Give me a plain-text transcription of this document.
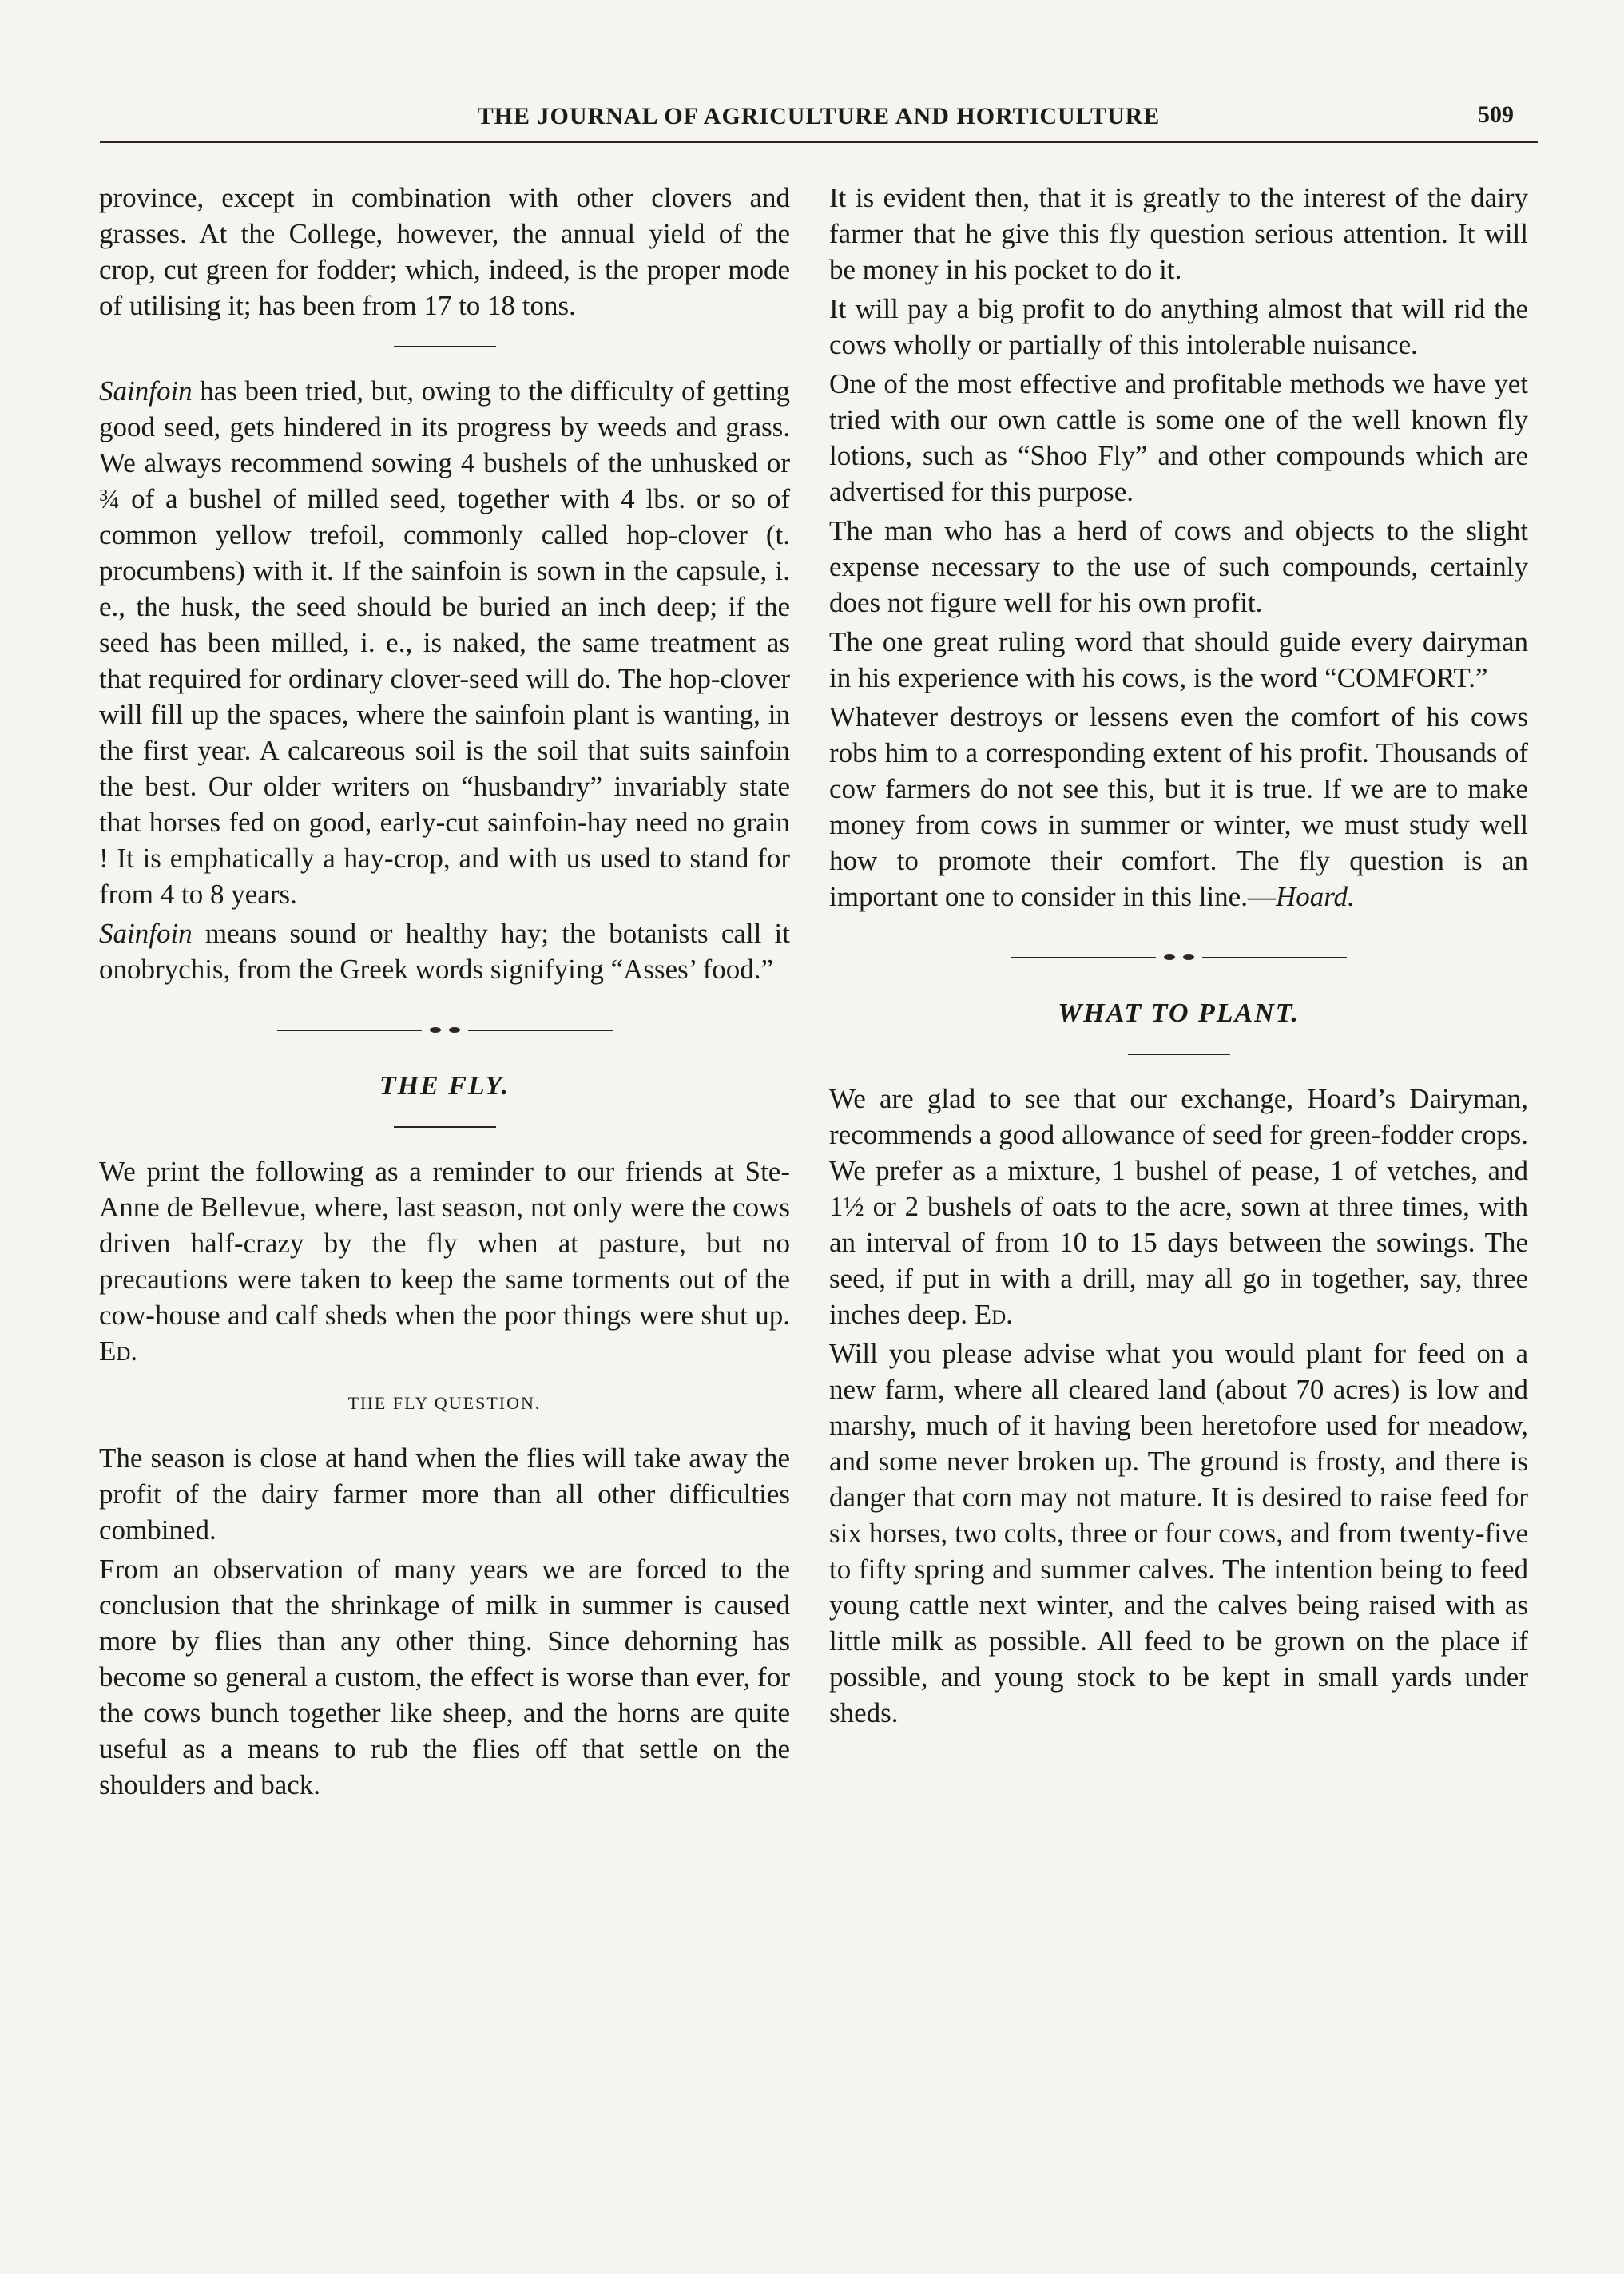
THE JOURNAL OF AGRICULTURE AND HORTICULTURE	509

province, except in combination with other clovers and grasses. At the College, however, the annual yield of the crop, cut green for fodder; which, indeed, is the proper mode of utilising it; has been from 17 to 18 tons.

Sainfoin has been tried, but, owing to the difficulty of getting good seed, gets hindered in its progress by weeds and grass. We always recommend sowing 4 bushels of the unhusked or ¾ of a bushel of milled seed, together with 4 lbs. or so of common yellow trefoil, commonly called hop-clover (t. procumbens) with it. If the sainfoin is sown in the capsule, i. e., the husk, the seed should be buried an inch deep; if the seed has been milled, i. e., is naked, the same treatment as that required for ordinary clover-seed will do. The hop-clover will fill up the spaces, where the sainfoin plant is wanting, in the first year. A calcareous soil is the soil that suits sainfoin the best. Our older writers on “husbandry” invariably state that horses fed on good, early-cut sainfoin-hay need no grain ! It is emphatically a hay-crop, and with us used to stand for from 4 to 8 years.

Sainfoin means sound or healthy hay; the botanists call it onobrychis, from the Greek words signifying “Asses’ food.”

THE FLY.

We print the following as a reminder to our friends at Ste-Anne de Bellevue, where, last season, not only were the cows driven half-crazy by the fly when at pasture, but no precautions were taken to keep the same torments out of the cow-house and calf sheds when the poor things were shut up. Ed.

THE FLY QUESTION.

The season is close at hand when the flies will take away the profit of the dairy farmer more than all other difficulties combined.

From an observation of many years we are forced to the conclusion that the shrinkage of milk in summer is caused more by flies than any other thing. Since dehorning has become so general a custom, the effect is worse than ever, for the cows bunch together like sheep, and the horns are quite useful as a means to rub the flies off that settle on the shoulders and back.

It is evident then, that it is greatly to the interest of the dairy farmer that he give this fly question serious attention. It will be money in his pocket to do it.

It will pay a big profit to do anything almost that will rid the cows wholly or partially of this intolerable nuisance.

One of the most effective and profitable methods we have yet tried with our own cattle is some one of the well known fly lotions, such as “Shoo Fly” and other compounds which are advertised for this purpose.

The man who has a herd of cows and objects to the slight expense necessary to the use of such compounds, certainly does not figure well for his own profit.

The one great ruling word that should guide every dairyman in his experience with his cows, is the word “COMFORT.”

Whatever destroys or lessens even the comfort of his cows robs him to a corresponding extent of his profit. Thousands of cow farmers do not see this, but it is true. If we are to make money from cows in summer or winter, we must study well how to promote their comfort. The fly question is an important one to consider in this line.—Hoard.

WHAT TO PLANT.

We are glad to see that our exchange, Hoard’s Dairyman, recommends a good allowance of seed for green-fodder crops. We prefer as a mixture, 1 bushel of pease, 1 of vetches, and 1½ or 2 bushels of oats to the acre, sown at three times, with an interval of from 10 to 15 days between the sowings. The seed, if put in with a drill, may all go in together, say, three inches deep. Ed.

Will you please advise what you would plant for feed on a new farm, where all cleared land (about 70 acres) is low and marshy, much of it having been heretofore used for meadow, and some never broken up. The ground is frosty, and there is danger that corn may not mature. It is desired to raise feed for six horses, two colts, three or four cows, and from twenty-five to fifty spring and summer calves. The intention being to feed young cattle next winter, and the calves being raised with as little milk as possible. All feed to be grown on the place if possible, and young stock to be kept in small yards under sheds.
